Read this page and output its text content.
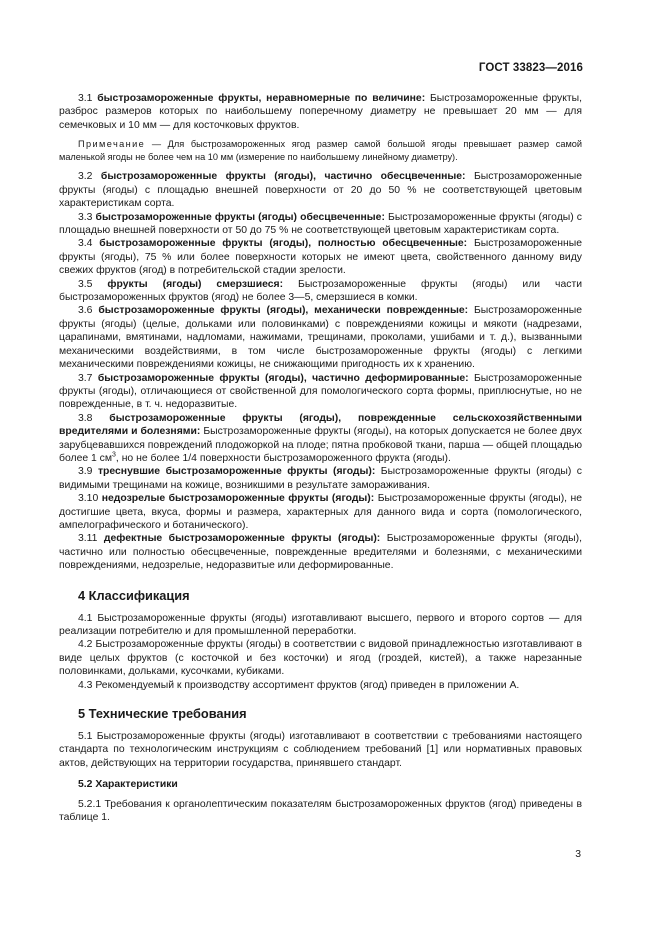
ГОСТ 33823—2016

3.1 быстрозамороженные фрукты, неравномерные по величине: Быстрозамороженные фрукты, разброс размеров которых по наибольшему поперечному диаметру не превышает 20 мм — для семечковых и 10 мм — для косточковых фруктов.

Примечание — Для быстрозамороженных ягод размер самой большой ягоды превышает размер самой маленькой ягоды не более чем на 10 мм (измерение по наибольшему линейному диаметру).

3.2 быстрозамороженные фрукты (ягоды), частично обесцвеченные: Быстрозамороженные фрукты (ягоды) с площадью внешней поверхности от 20 до 50 % не соответствующей цветовым характеристикам сорта.

3.3 быстрозамороженные фрукты (ягоды) обесцвеченные: Быстрозамороженные фрукты (ягоды) с площадью внешней поверхности от 50 до 75 % не соответствующей цветовым характеристикам сорта.

3.4 быстрозамороженные фрукты (ягоды), полностью обесцвеченные: Быстрозамороженные фрукты (ягоды), 75 % или более поверхности которых не имеют цвета, свойственного данному виду свежих фруктов (ягод) в потребительской стадии зрелости.

3.5 фрукты (ягоды) смерзшиеся: Быстрозамороженные фрукты (ягоды) или части быстрозамороженных фруктов (ягод) не более 3—5, смерзшиеся в комки.

3.6 быстрозамороженные фрукты (ягоды), механически поврежденные: Быстрозамороженные фрукты (ягоды) (целые, дольками или половинками) с повреждениями кожицы и мякоти (надрезами, царапинами, вмятинами, надломами, нажимами, трещинами, проколами, ушибами и т. д.), вызванными механическими воздействиями, в том числе быстрозамороженные фрукты (ягоды) с легкими механическими повреждениями кожицы, не снижающими пригодность их к хранению.

3.7 быстрозамороженные фрукты (ягоды), частично деформированные: Быстрозамороженные фрукты (ягоды), отличающиеся от свойственной для помологического сорта формы, приплюснутые, но не поврежденные, в т. ч. недоразвитые.

3.8 быстрозамороженные фрукты (ягоды), поврежденные сельскохозяйственными вредителями и болезнями: Быстрозамороженные фрукты (ягоды), на которых допускается не более двух зарубцевавшихся повреждений плодожоркой на плоде; пятна пробковой ткани, парша — общей площадью более 1 $см^3$, но не более 1/4 поверхности быстрозамороженного фрукта (ягоды).

3.9 треснувшие быстрозамороженные фрукты (ягоды): Быстрозамороженные фрукты (ягоды) с видимыми трещинами на кожице, возникшими в результате замораживания.

3.10 недозрелые быстрозамороженные фрукты (ягоды): Быстрозамороженные фрукты (ягоды), не достигшие цвета, вкуса, формы и размера, характерных для данного вида и сорта (помологического, ампелографического и ботанического).

3.11 дефектные быстрозамороженные фрукты (ягоды): Быстрозамороженные фрукты (ягоды), частично или полностью обесцвеченные, поврежденные вредителями и болезнями, с механическими повреждениями, недозрелые, недоразвитые или деформированные.

4 Классификация

4.1 Быстрозамороженные фрукты (ягоды) изготавливают высшего, первого и второго сортов — для реализации потребителю и для промышленной переработки.

4.2 Быстрозамороженные фрукты (ягоды) в соответствии с видовой принадлежностью изготавливают в виде целых фруктов (с косточкой и без косточки) и ягод (гроздей, кистей), а также нарезанные половинками, дольками, кусочками, кубиками.

4.3 Рекомендуемый к производству ассортимент фруктов (ягод) приведен в приложении А.

5 Технические требования

5.1 Быстрозамороженные фрукты (ягоды) изготавливают в соответствии с требованиями настоящего стандарта по технологическим инструкциям с соблюдением требований [1] или нормативных правовых актов, действующих на территории государства, принявшего стандарт.

5.2 Характеристики

5.2.1 Требования к органолептическим показателям быстрозамороженных фруктов (ягод) приведены в таблице 1.

3
